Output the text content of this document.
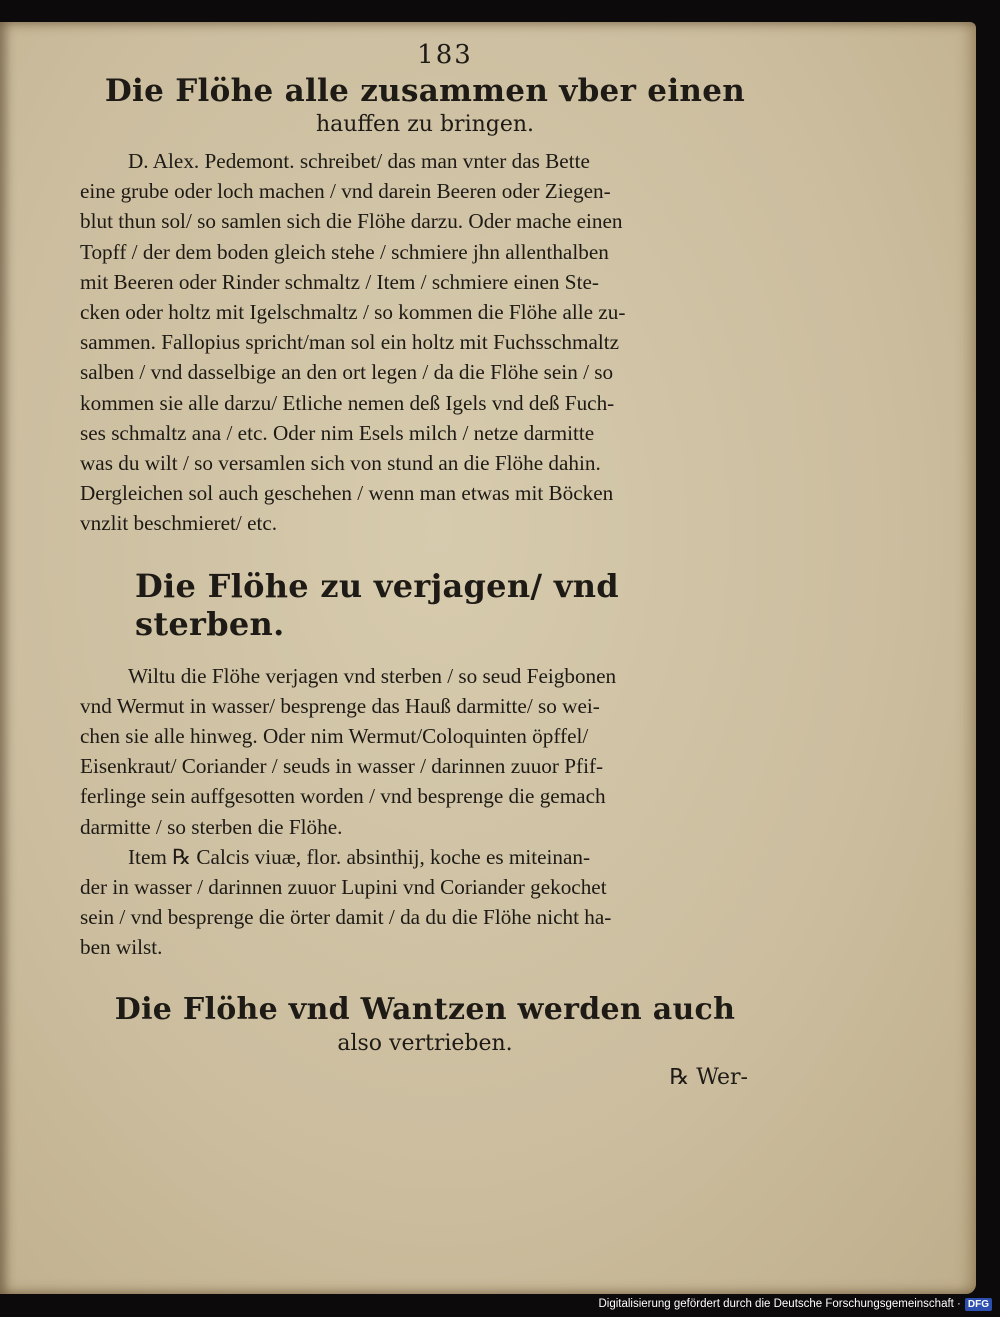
183
Die Flöhe alle zusammen vber einen
hauffen zu bringen.
D. Alex. Pedemont. schreibet/ das man vnter das Bette
eine grube oder loch machen / vnd darein Beeren oder Ziegen-
blut thun sol/ so samlen sich die Flöhe darzu. Oder mache einen
Topff / der dem boden gleich stehe / schmiere jhn allenthalben
mit Beeren oder Rinder schmaltz / Item / schmiere einen Ste-
cken oder holtz mit Igelschmaltz / so kommen die Flöhe alle zu-
sammen. Fallopius spricht/man sol ein holtz mit Fuchsschmaltz
salben / vnd dasselbige an den ort legen / da die Flöhe sein / so
kommen sie alle darzu/ Etliche nemen deß Igels vnd deß Fuch-
ses schmaltz ana / etc. Oder nim Esels milch / netze darmitte
was du wilt / so versamlen sich von stund an die Flöhe dahin.
Dergleichen sol auch geschehen / wenn man etwas mit Böcken
vnzlit beschmieret/ etc.
Die Flöhe zu verjagen/ vnd sterben.
Wiltu die Flöhe verjagen vnd sterben / so seud Feigbonen
vnd Wermut in wasser/ besprenge das Hauß darmitte/ so wei-
chen sie alle hinweg. Oder nim Wermut/Coloquinten öpffel/
Eisenkraut/ Coriander / seuds in wasser / darinnen zuuor Pfif-
ferlinge sein auffgesotten worden / vnd besprenge die gemach
darmitte / so sterben die Flöhe.
Item ℞ Calcis viuæ, flor. absinthij, koche es miteinan-
der in wasser / darinnen zuuor Lupini vnd Coriander gekochet
sein / vnd besprenge die örter damit / da du die Flöhe nicht ha-
ben wilst.
Die Flöhe vnd Wantzen werden auch
also vertrieben.
℞ Wer-
Digitalisierung gefördert durch die Deutsche Forschungsgemeinschaft · DFG
